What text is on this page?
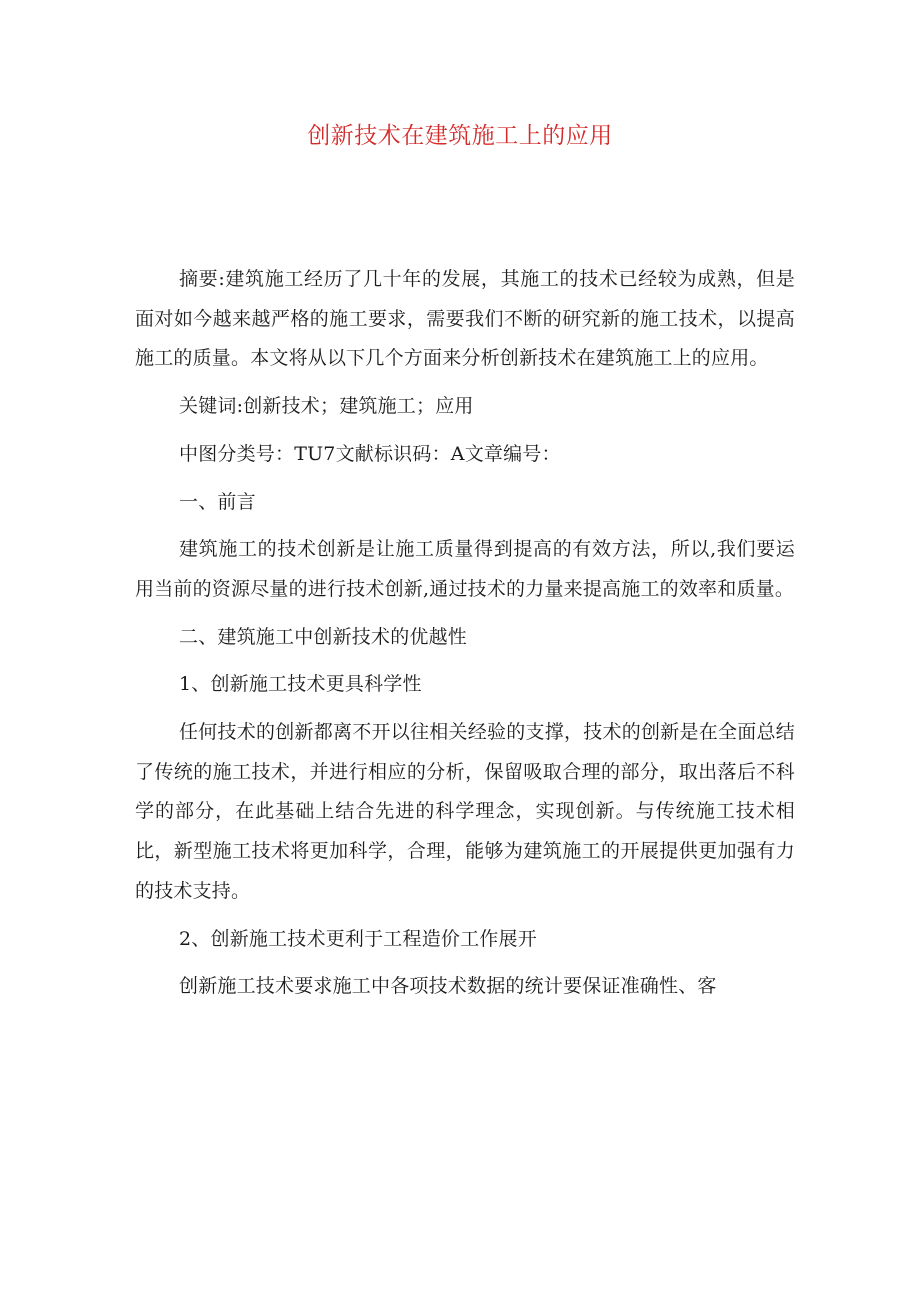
创新技术在建筑施工上的应用

摘要:建筑施工经历了几十年的发展，其施工的技术已经较为成熟，但是面对如今越来越严格的施工要求，需要我们不断的研究新的施工技术，以提高施工的质量。本文将从以下几个方面来分析创新技术在建筑施工上的应用。

关键词:创新技术；建筑施工；应用

中图分类号：TU7文献标识码：A文章编号：

一、前言

建筑施工的技术创新是让施工质量得到提高的有效方法，所以,我们要运用当前的资源尽量的进行技术创新,通过技术的力量来提高施工的效率和质量。

二、建筑施工中创新技术的优越性

1、创新施工技术更具科学性

任何技术的创新都离不开以往相关经验的支撑，技术的创新是在全面总结了传统的施工技术，并进行相应的分析，保留吸取合理的部分，取出落后不科学的部分，在此基础上结合先进的科学理念，实现创新。与传统施工技术相比，新型施工技术将更加科学，合理，能够为建筑施工的开展提供更加强有力的技术支持。

2、创新施工技术更利于工程造价工作展开

创新施工技术要求施工中各项技术数据的统计要保证准确性、客
